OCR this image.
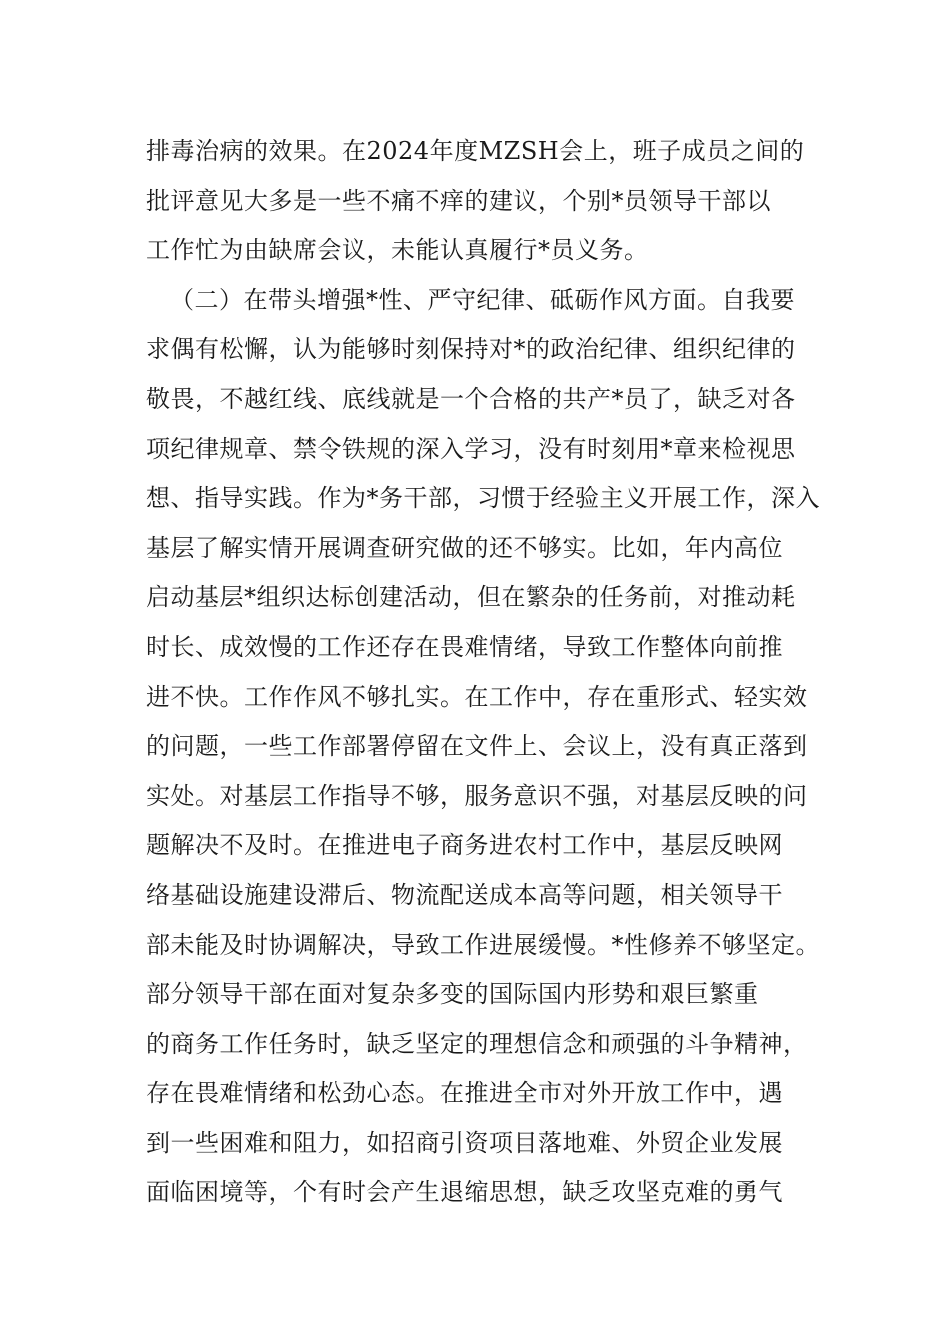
排毒治病的效果。在2024年度MZSH会上，班子成员之间的
批评意见大多是一些不痛不痒的建议，个别*员领导干部以
工作忙为由缺席会议，未能认真履行*员义务。
（二）在带头增强*性、严守纪律、砥砺作风方面。自我要
求偶有松懈，认为能够时刻保持对*的政治纪律、组织纪律的
敬畏，不越红线、底线就是一个合格的共产*员了，缺乏对各
项纪律规章、禁令铁规的深入学习，没有时刻用*章来检视思
想、指导实践。作为*务干部，习惯于经验主义开展工作，深入
基层了解实情开展调查研究做的还不够实。比如，年内高位
启动基层*组织达标创建活动，但在繁杂的任务前，对推动耗
时长、成效慢的工作还存在畏难情绪，导致工作整体向前推
进不快。工作作风不够扎实。在工作中，存在重形式、轻实效
的问题，一些工作部署停留在文件上、会议上，没有真正落到
实处。对基层工作指导不够，服务意识不强，对基层反映的问
题解决不及时。在推进电子商务进农村工作中，基层反映网
络基础设施建设滞后、物流配送成本高等问题，相关领导干
部未能及时协调解决，导致工作进展缓慢。*性修养不够坚定。
部分领导干部在面对复杂多变的国际国内形势和艰巨繁重
的商务工作任务时，缺乏坚定的理想信念和顽强的斗争精神，
存在畏难情绪和松劲心态。在推进全市对外开放工作中，遇
到一些困难和阻力，如招商引资项目落地难、外贸企业发展
面临困境等，个有时会产生退缩思想，缺乏攻坚克难的勇气
